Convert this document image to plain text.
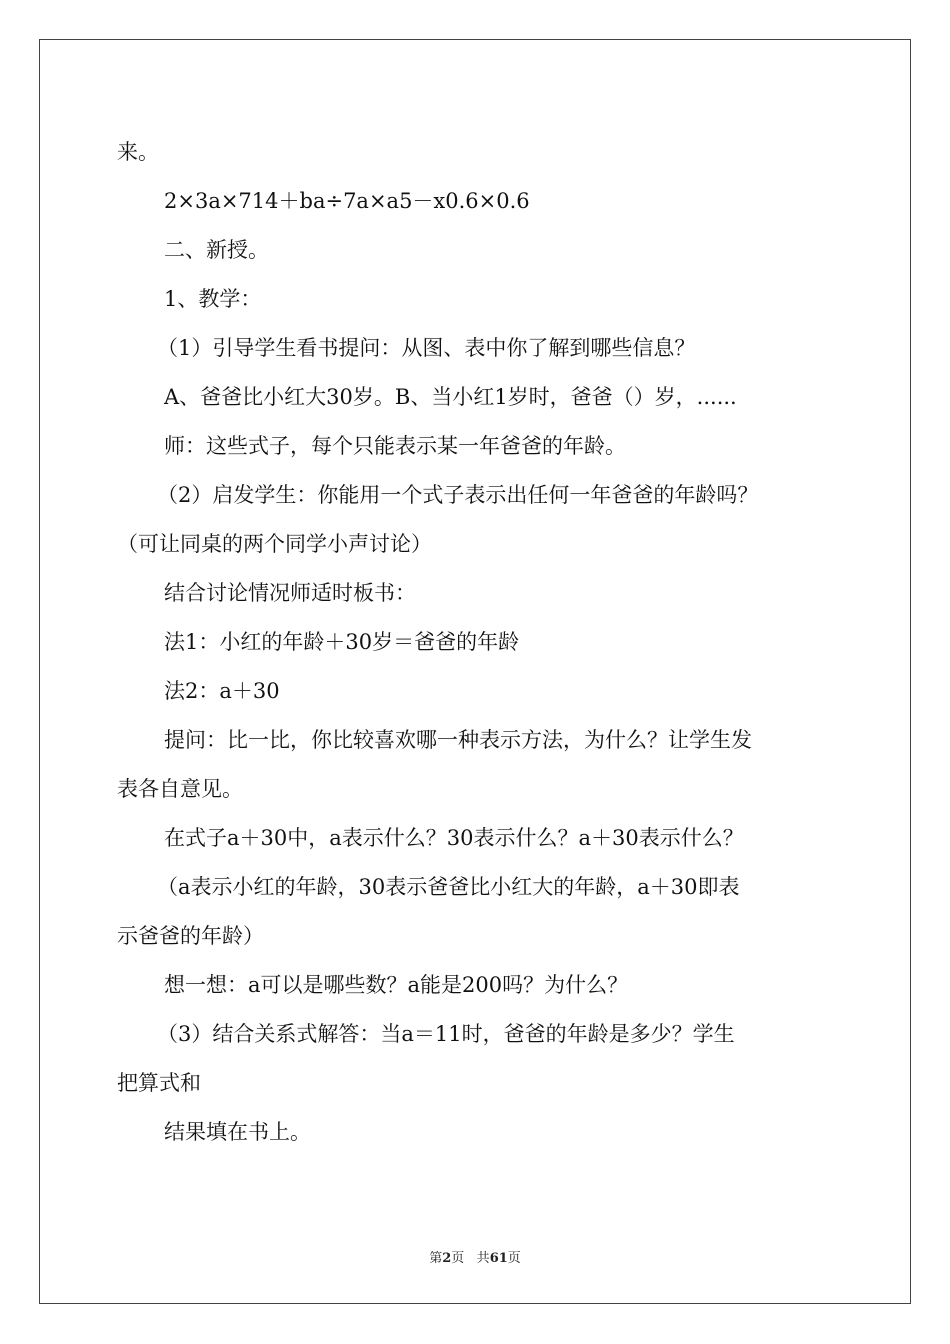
来。
2×3a×714＋ba÷7a×a5－x0.6×0.6
二、新授。
1、教学：
（1）引导学生看书提问：从图、表中你了解到哪些信息？
A、爸爸比小红大30岁。B、当小红1岁时，爸爸（）岁，......
师：这些式子，每个只能表示某一年爸爸的年龄。
（2）启发学生：你能用一个式子表示出任何一年爸爸的年龄吗？
（可让同桌的两个同学小声讨论）
结合讨论情况师适时板书：
法1：小红的年龄＋30岁＝爸爸的年龄
法2：a＋30
提问：比一比，你比较喜欢哪一种表示方法，为什么？让学生发
表各自意见。
在式子a＋30中，a表示什么？30表示什么？a＋30表示什么？
（a表示小红的年龄，30表示爸爸比小红大的年龄，a＋30即表
示爸爸的年龄）
想一想：a可以是哪些数？a能是200吗？为什么？
（3）结合关系式解答：当a＝11时，爸爸的年龄是多少？学生
把算式和
结果填在书上。
第2页 共61页
